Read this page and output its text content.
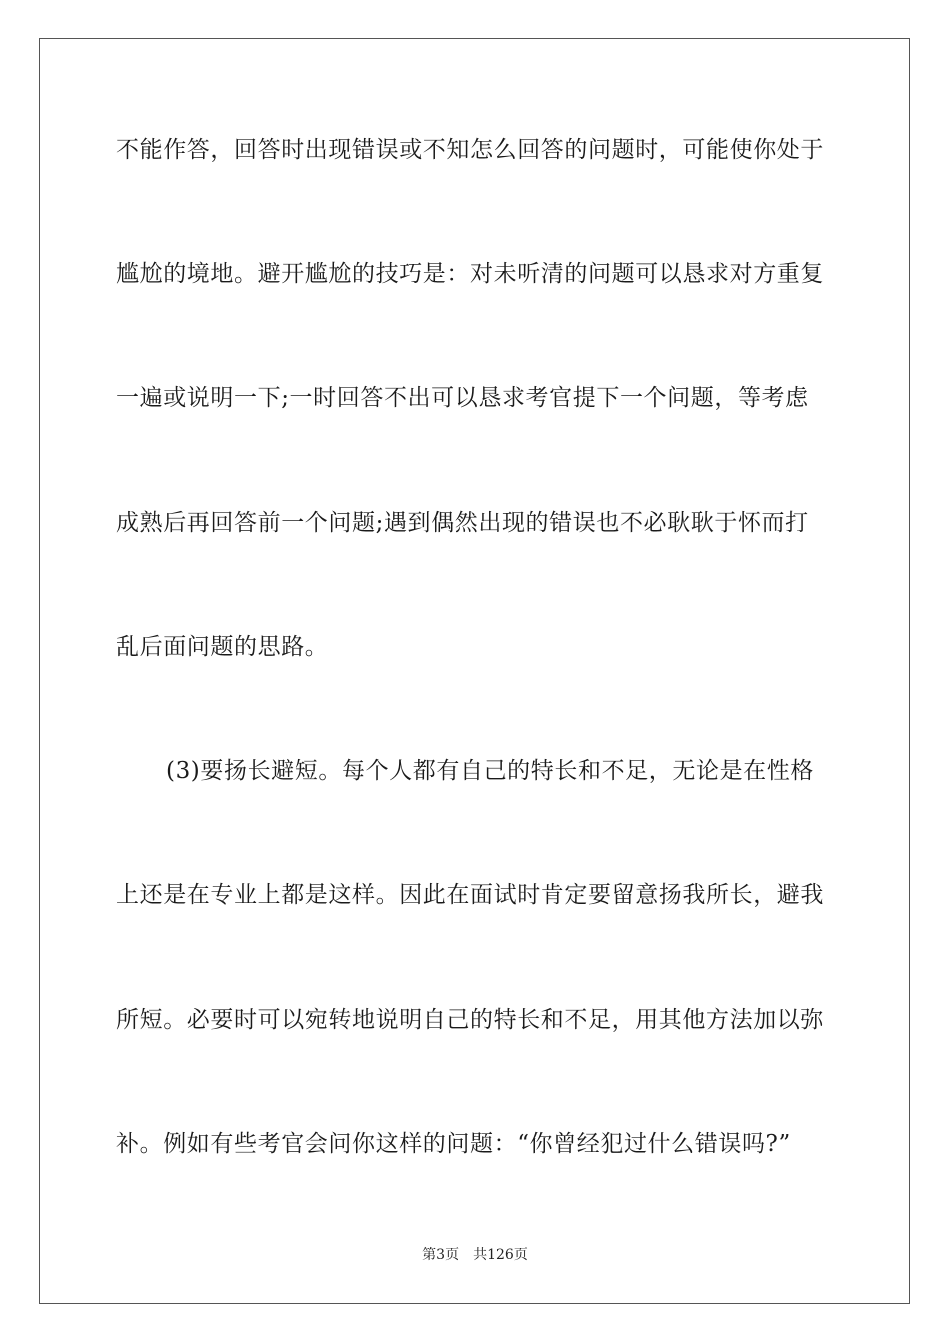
不能作答，回答时出现错误或不知怎么回答的问题时，可能使你处于
尴尬的境地。避开尴尬的技巧是：对未听清的问题可以恳求对方重复
一遍或说明一下;一时回答不出可以恳求考官提下一个问题，等考虑
成熟后再回答前一个问题;遇到偶然出现的错误也不必耿耿于怀而打
乱后面问题的思路。
(3)要扬长避短。每个人都有自己的特长和不足，无论是在性格
上还是在专业上都是这样。因此在面试时肯定要留意扬我所长，避我
所短。必要时可以宛转地说明自己的特长和不足，用其他方法加以弥
补。例如有些考官会问你这样的问题：“你曾经犯过什么错误吗?”
第3页 共126页
